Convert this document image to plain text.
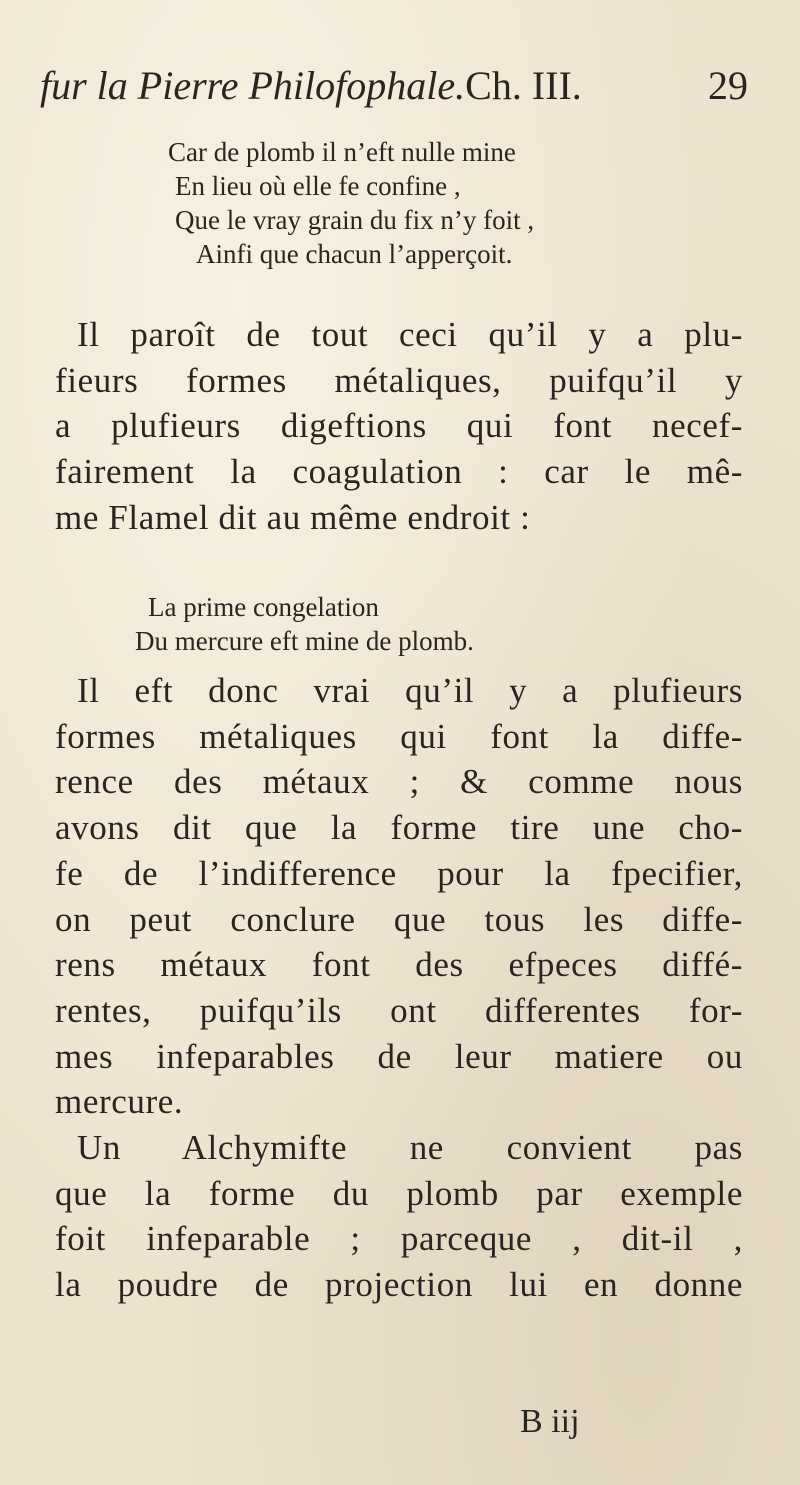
fur la Pierre Philofophale.Ch. III.	29
Car de plomb il n’eft nulle mine
En lieu où elle fe confine ,
Que le vray grain du fix n’y foit ,
Ainfi que chacun l’apperçoit.
Il paroît de tout ceci qu’il y a plu-
fieurs formes métaliques, puifqu’il y
a plufieurs digeftions qui font necef-
fairement la coagulation : car le mê-
me Flamel dit au même endroit :
La prime congelation
Du mercure eft mine de plomb.
Il eft donc vrai qu’il y a plufieurs
formes métaliques qui font la diffe-
rence des métaux ; & comme nous
avons dit que la forme tire une cho-
fe de l’indifference pour la fpecifier,
on peut conclure que tous les diffe-
rens métaux font des efpeces diffé-
rentes, puifqu’ils ont differentes for-
mes infeparables de leur matiere ou
mercure.
Un Alchymifte ne convient pas
que la forme du plomb par exemple
foit infeparable ; parceque , dit-il ,
la poudre de projection lui en donne
B iij
